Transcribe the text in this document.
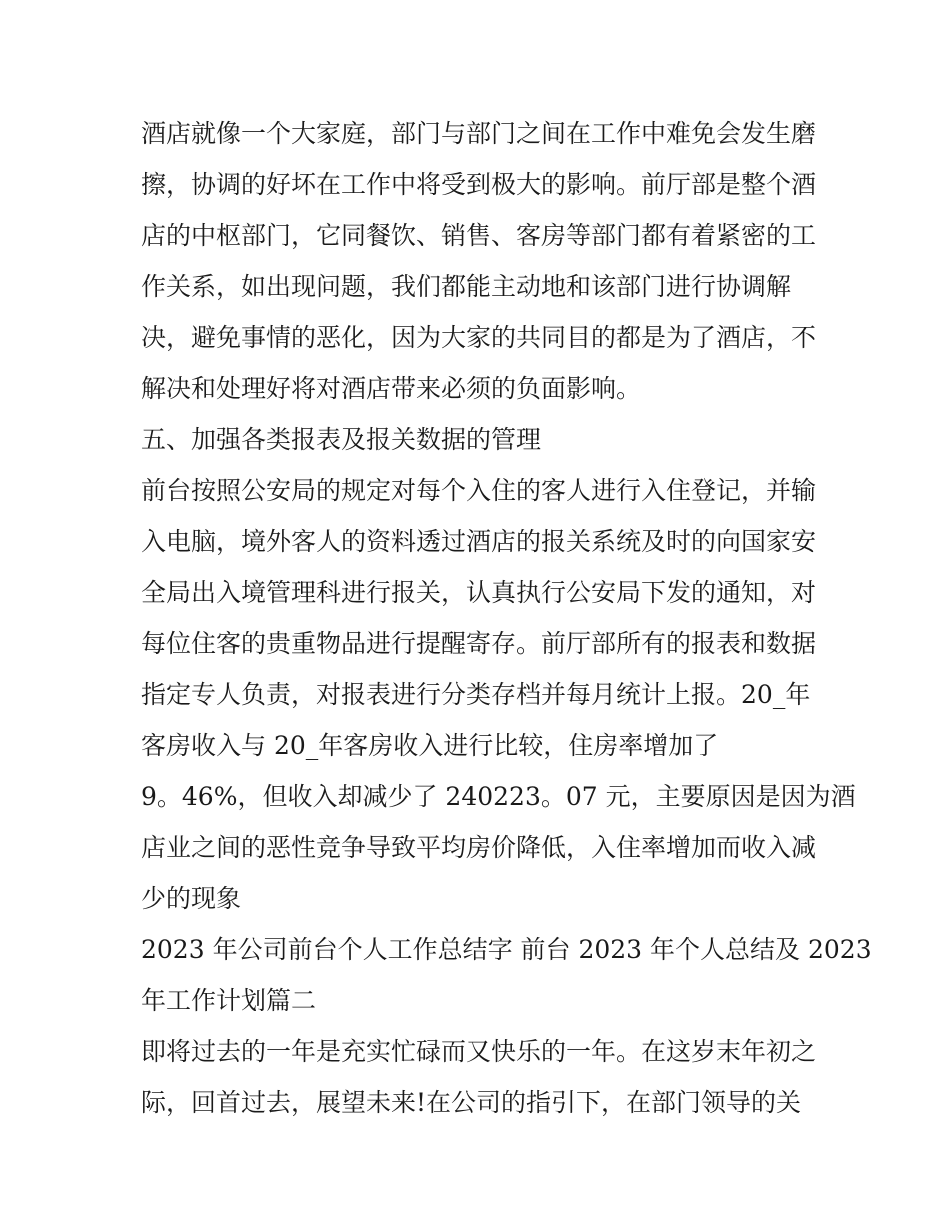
酒店就像一个大家庭，部门与部门之间在工作中难免会发生磨
擦，协调的好坏在工作中将受到极大的影响。前厅部是整个酒
店的中枢部门，它同餐饮、销售、客房等部门都有着紧密的工
作关系，如出现问题，我们都能主动地和该部门进行协调解
决，避免事情的恶化，因为大家的共同目的都是为了酒店，不
解决和处理好将对酒店带来必须的负面影响。
五、加强各类报表及报关数据的管理
前台按照公安局的规定对每个入住的客人进行入住登记，并输
入电脑，境外客人的资料透过酒店的报关系统及时的向国家安
全局出入境管理科进行报关，认真执行公安局下发的通知，对
每位住客的贵重物品进行提醒寄存。前厅部所有的报表和数据
指定专人负责，对报表进行分类存档并每月统计上报。20_年
客房收入与 20_年客房收入进行比较，住房率增加了
9。46%，但收入却减少了 240223。07 元，主要原因是因为酒
店业之间的恶性竞争导致平均房价降低，入住率增加而收入减
少的现象
2023 年公司前台个人工作总结字 前台 2023 年个人总结及 2023
年工作计划篇二
即将过去的一年是充实忙碌而又快乐的一年。在这岁末年初之
际，回首过去，展望未来!在公司的指引下，在部门领导的关
